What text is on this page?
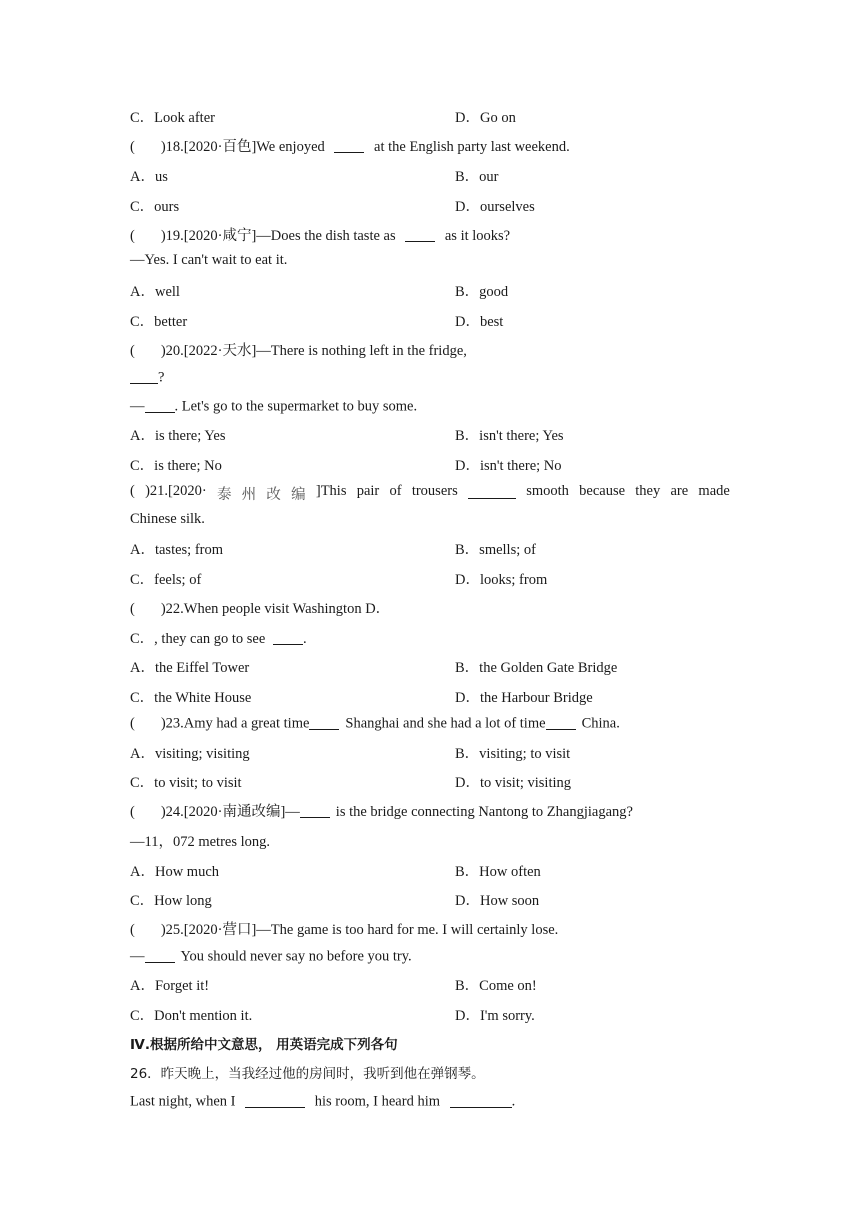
C．Look after	D．Go on
( )18.[2020·百色]We enjoyed	at the English party last weekend.
A．us	B．our
C．ours	D．ourselves
( )19.[2020·咸宁]—Does the dish taste as	as it looks?
—Yes. I can't wait to eat it.
A．well	B．good
C．better	D．best
( )20.[2022·天水]—There is nothing left in the fridge,
?
— . Let's go to the supermarket to buy some.
A．is there; Yes	B．isn't there; Yes
C．is there; No	D．isn't there; No
( )21.[2020· 泰 州 改 编 ]This pair of trousers	smooth because they are made
Chinese silk.
A．tastes; from	B．smells; of
C．feels; of	D．looks; from
( )22.When people visit Washington D．
C．, they can go to see	.
A．the Eiffel Tower	B．the Golden Gate Bridge
C．the White House	D．the Harbour Bridge
( )23.Amy had a great time Shanghai and she had a lot of time China.
A．visiting; visiting	B．visiting; to visit
C．to visit; to visit	D．to visit; visiting
( )24.[2020·南通改编]— is the bridge connecting Nantong to Zhangjiagang?
—11，072 metres long.
A．How much	B．How often
C．How long	D．How soon
( )25.[2020·营口]—The game is too hard for me. I will certainly lose.
— You should never say no before you try.
A．Forget it!	B．Come on!
C．Don't mention it.	D．I'm sorry.
Ⅳ.根据所给中文意思， 用英语完成下列各句
26．昨天晚上，当我经过他的房间时，我听到他在弹钢琴。
Last night, when I	his room, I heard him	.
